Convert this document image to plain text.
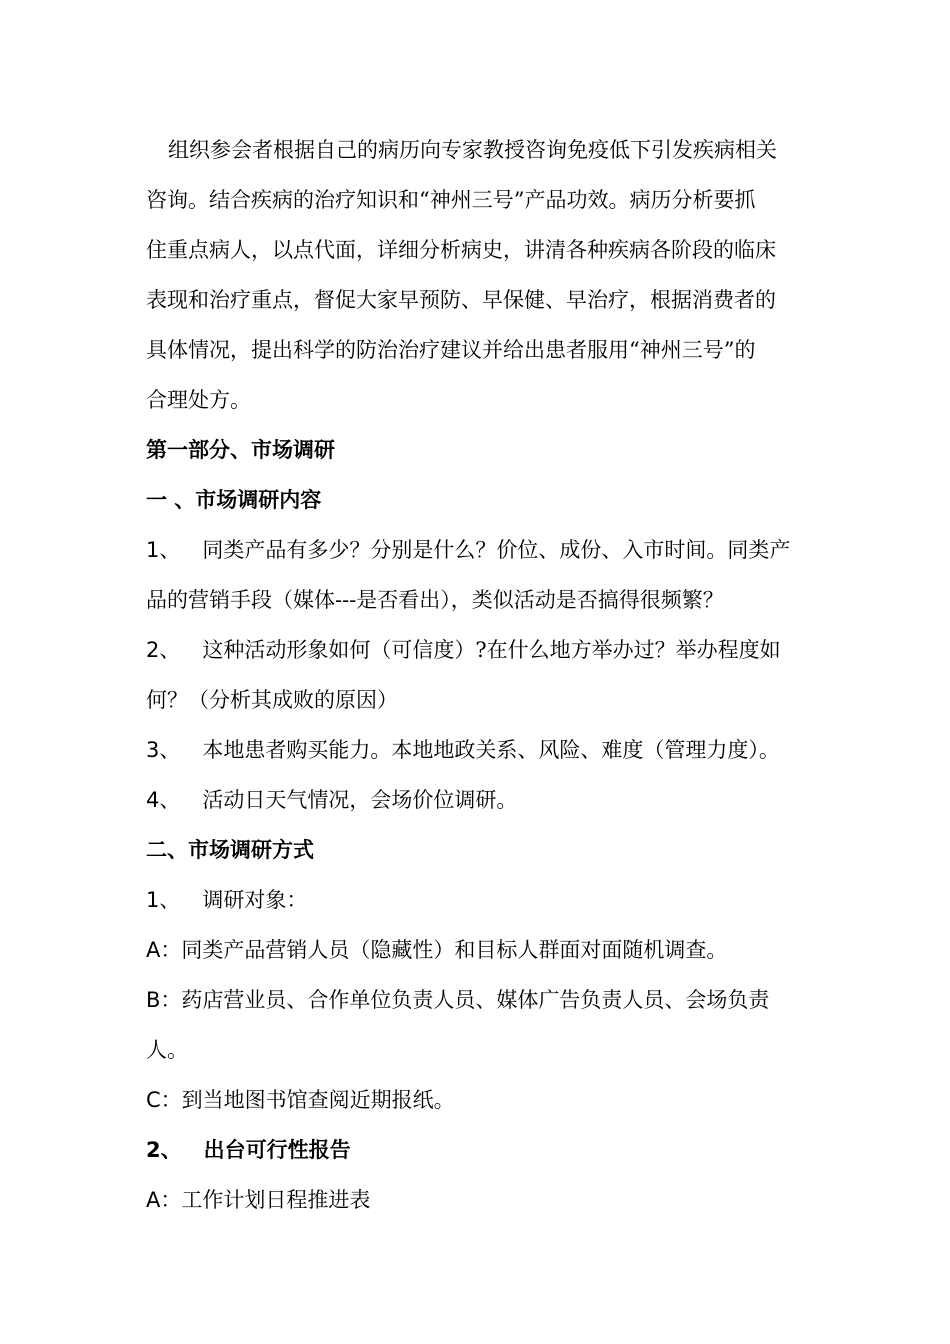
组织参会者根据自己的病历向专家教授咨询免疫低下引发疾病相关
咨询。结合疾病的治疗知识和“神州三号”产品功效。病历分析要抓
住重点病人，以点代面，详细分析病史，讲清各种疾病各阶段的临床
表现和治疗重点，督促大家早预防、早保健、早治疗，根据消费者的
具体情况，提出科学的防治治疗建议并给出患者服用“神州三号”的
合理处方。
第一部分、市场调研
一 、市场调研内容
1、 同类产品有多少？分别是什么？价位、成份、入市时间。同类产
品的营销手段（媒体---是否看出），类似活动是否搞得很频繁？
2、 这种活动形象如何（可信度）?在什么地方举办过？举办程度如
何？（分析其成败的原因）
3、 本地患者购买能力。本地地政关系、风险、难度（管理力度）。
4、 活动日天气情况，会场价位调研。
二、市场调研方式
1、 调研对象：
A：同类产品营销人员（隐藏性）和目标人群面对面随机调查。
B：药店营业员、合作单位负责人员、媒体广告负责人员、会场负责
人。
C：到当地图书馆查阅近期报纸。
2、 出台可行性报告
A：工作计划日程推进表
